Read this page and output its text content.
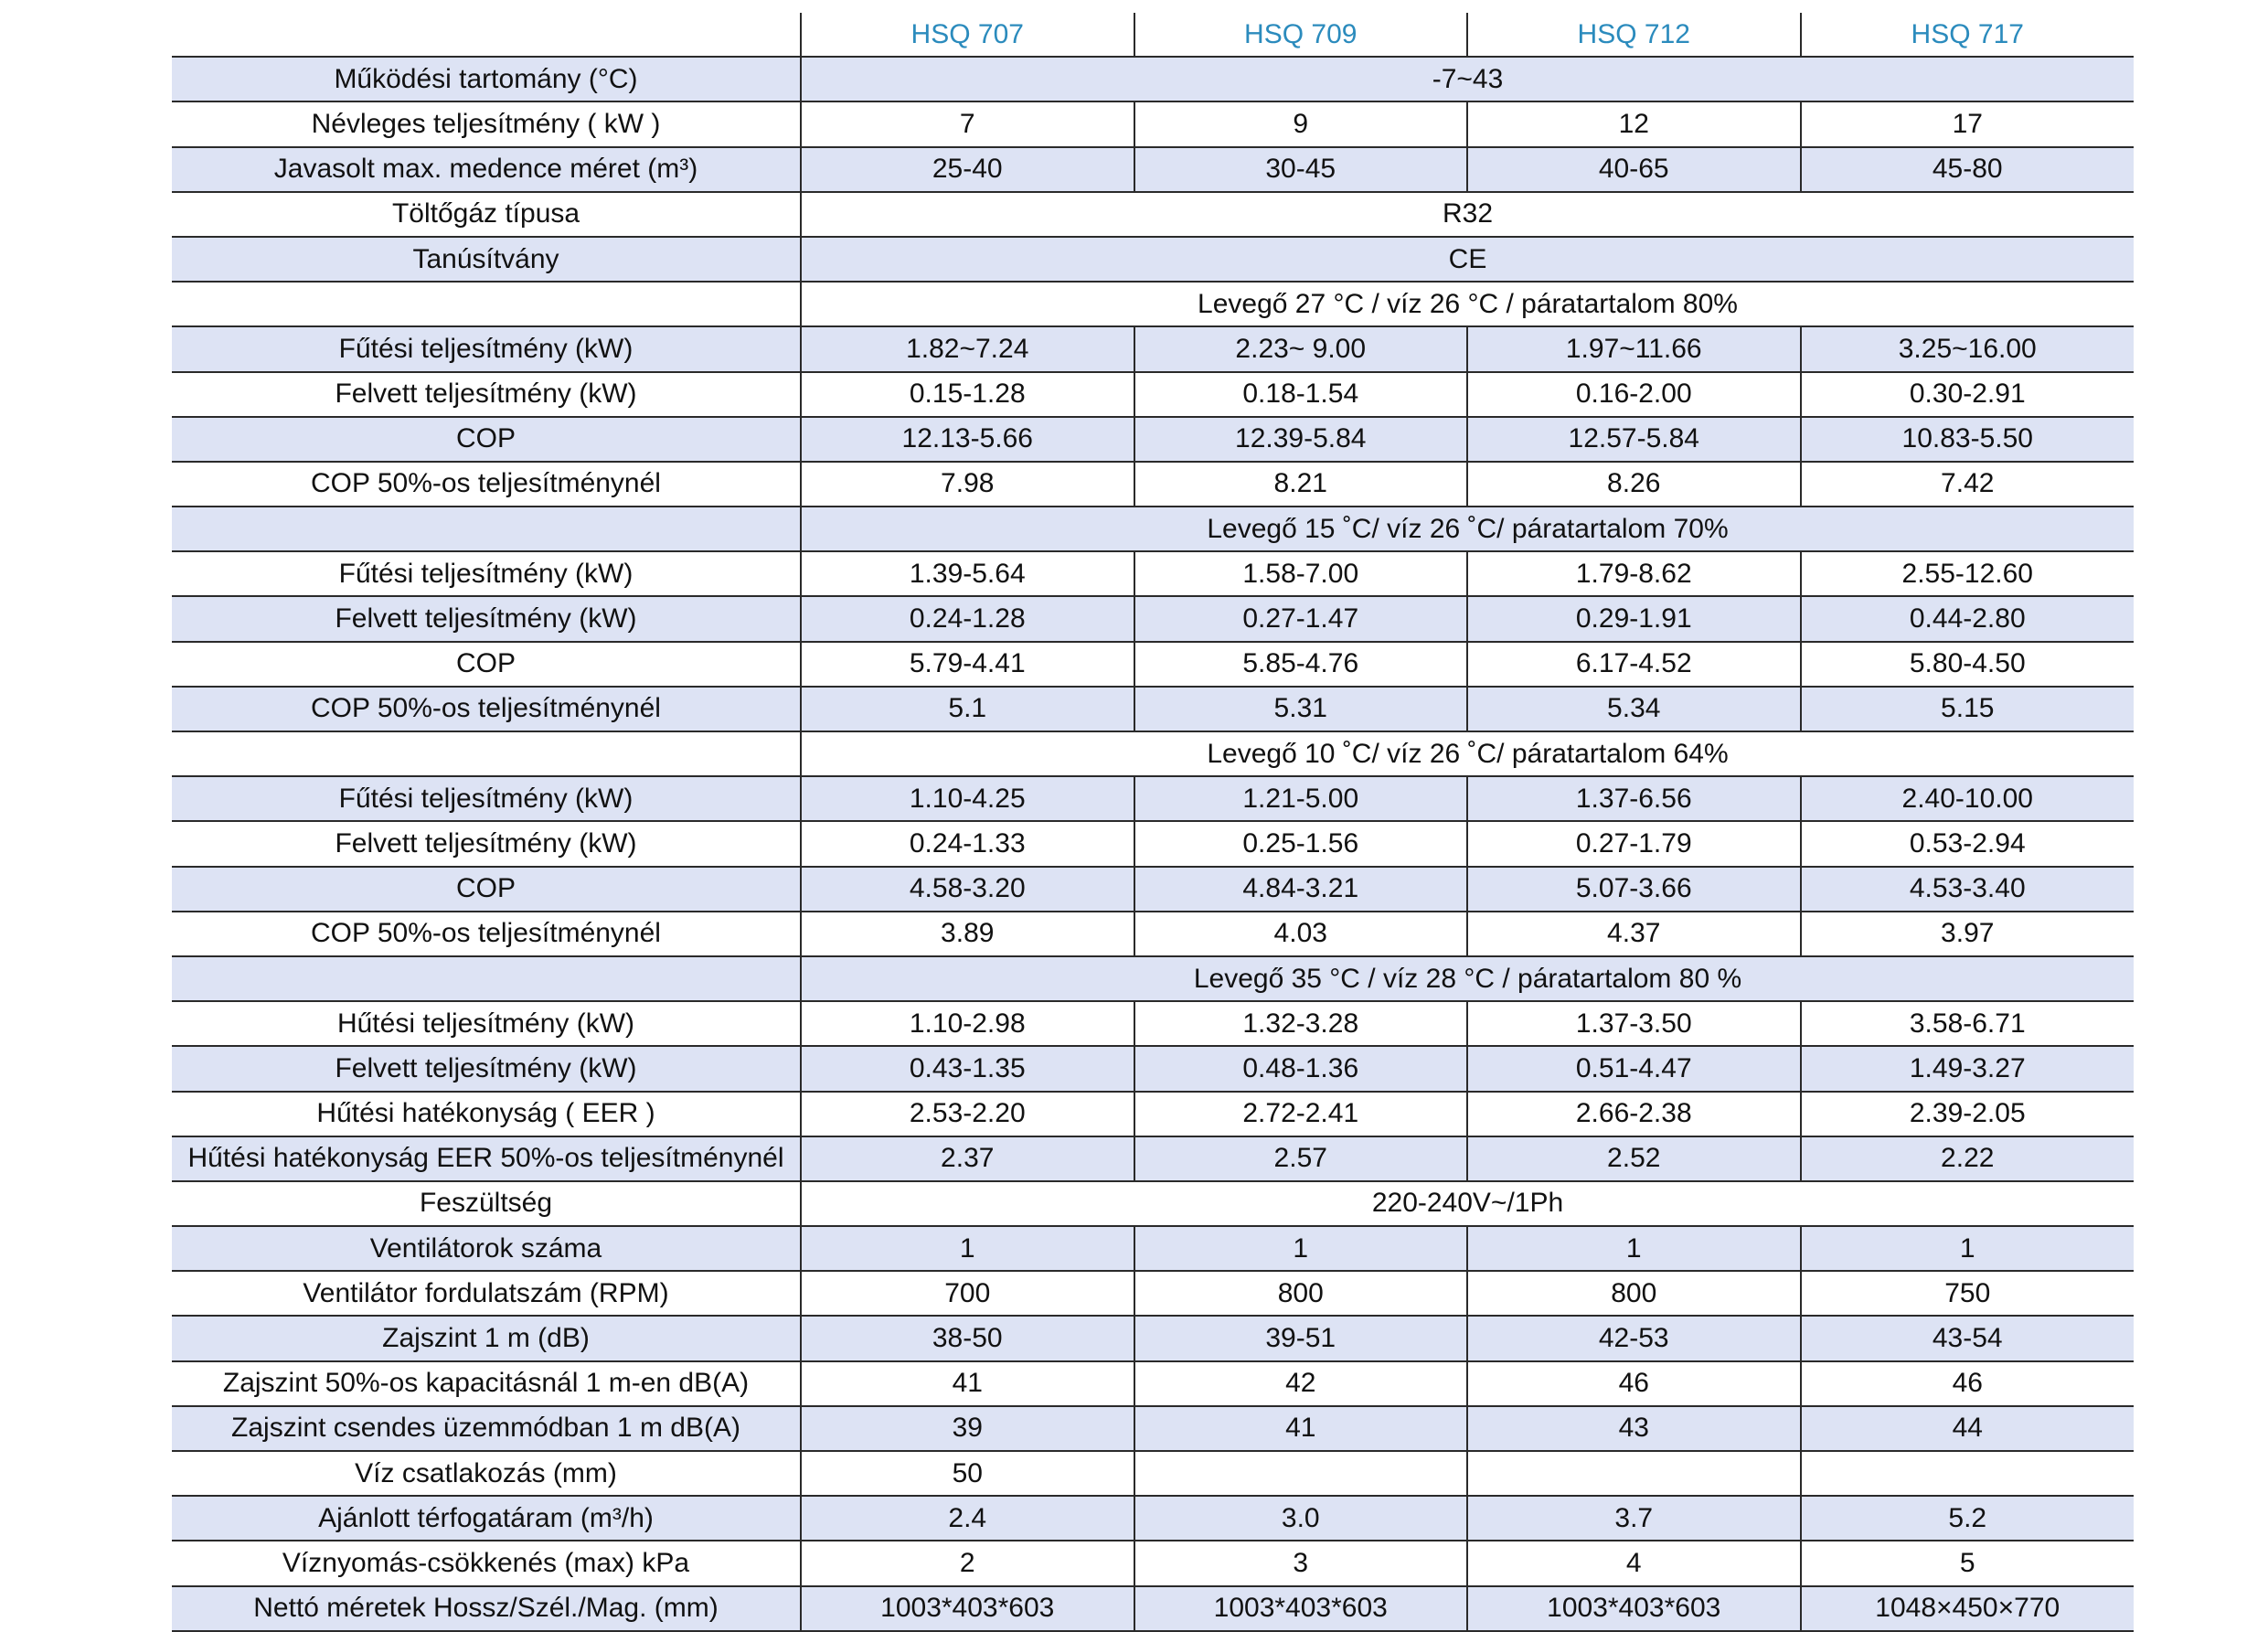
	HSQ 707	HSQ 709	HSQ 712	HSQ 717
Működési tartomány (°C)	-7~43			
Névleges teljesítmény ( kW )	7	9	12	17
Javasolt max. medence méret (m³)	25-40	30-45	40-65	45-80
Töltőgáz típusa	R32			
Tanúsítvány	CE			
	Levegő 27 °C / víz 26 °C / páratartalom 80%			
Fűtési teljesítmény (kW)	1.82~7.24	2.23~ 9.00	1.97~11.66	3.25~16.00
Felvett teljesítmény (kW)	0.15-1.28	0.18-1.54	0.16-2.00	0.30-2.91
COP	12.13-5.66	12.39-5.84	12.57-5.84	10.83-5.50
COP 50%-os teljesítménynél	7.98	8.21	8.26	7.42
	Levegő 15 ˚C/ víz 26 ˚C/ páratartalom 70%			
Fűtési teljesítmény (kW)	1.39-5.64	1.58-7.00	1.79-8.62	2.55-12.60
Felvett teljesítmény (kW)	0.24-1.28	0.27-1.47	0.29-1.91	0.44-2.80
COP	5.79-4.41	5.85-4.76	6.17-4.52	5.80-4.50
COP 50%-os teljesítménynél	5.1	5.31	5.34	5.15
	Levegő 10 ˚C/ víz 26 ˚C/ páratartalom 64%			
Fűtési teljesítmény (kW)	1.10-4.25	1.21-5.00	1.37-6.56	2.40-10.00
Felvett teljesítmény (kW)	0.24-1.33	0.25-1.56	0.27-1.79	0.53-2.94
COP	4.58-3.20	4.84-3.21	5.07-3.66	4.53-3.40
COP 50%-os teljesítménynél	3.89	4.03	4.37	3.97
	Levegő 35 °C / víz 28 °C / páratartalom 80 %			
Hűtési teljesítmény (kW)	1.10-2.98	1.32-3.28	1.37-3.50	3.58-6.71
Felvett teljesítmény (kW)	0.43-1.35	0.48-1.36	0.51-4.47	1.49-3.27
Hűtési hatékonyság ( EER )	2.53-2.20	2.72-2.41	2.66-2.38	2.39-2.05
Hűtési hatékonyság EER 50%-os teljesítménynél	2.37	2.57	2.52	2.22
Feszültség	220-240V~/1Ph			
Ventilátorok száma	1	1	1	1
Ventilátor fordulatszám (RPM)	700	800	800	750
Zajszint 1 m (dB)	38-50	39-51	42-53	43-54
Zajszint 50%-os kapacitásnál 1 m-en dB(A)	41	42	46	46
Zajszint csendes üzemmódban 1 m dB(A)	39	41	43	44
Víz csatlakozás (mm)	50			
Ajánlott térfogatáram (m³/h)	2.4	3.0	3.7	5.2
Víznyomás-csökkenés (max) kPa	2	3	4	5
Nettó méretek Hossz/Szél./Mag. (mm)	1003*403*603	1003*403*603	1003*403*603	1048×450×770
